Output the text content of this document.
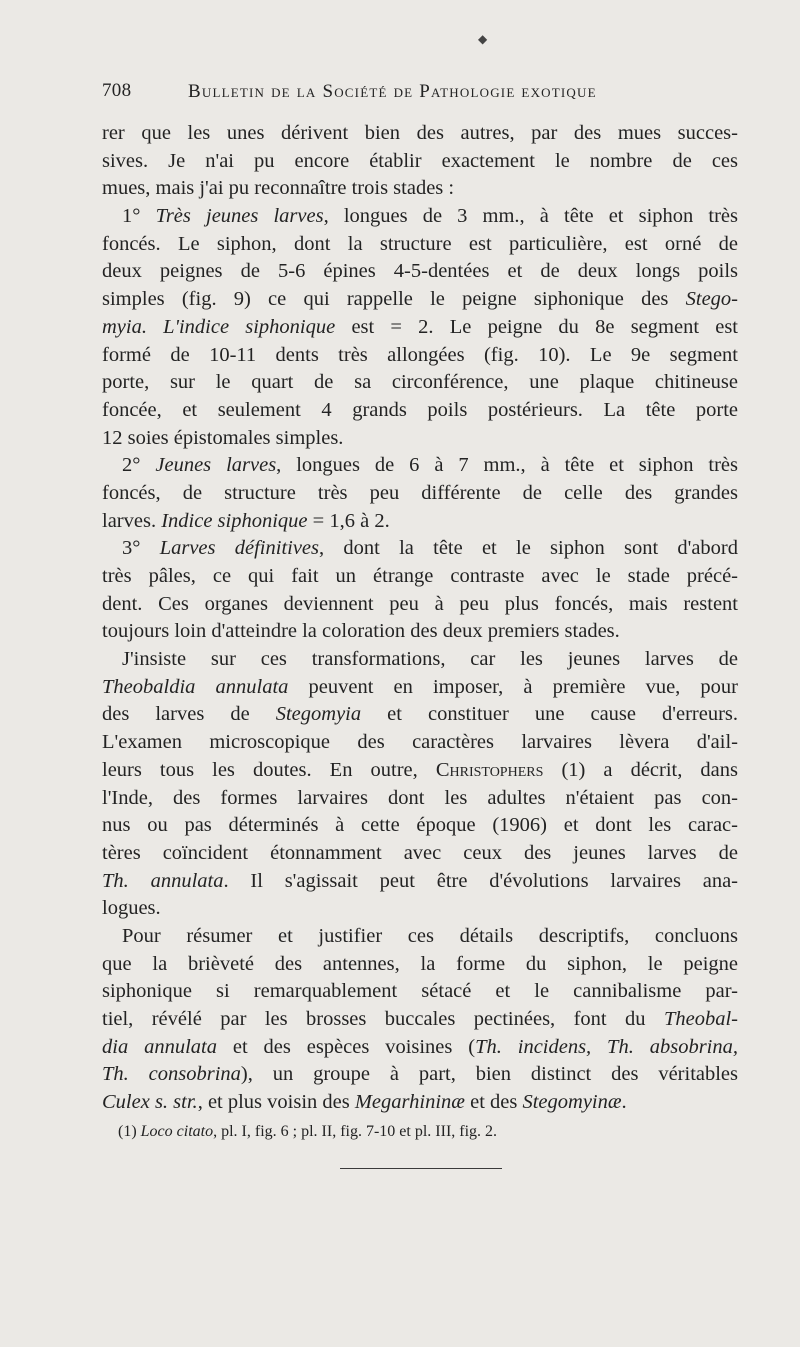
◆
708	Bulletin de la Société de Pathologie exotique
rer que les unes dérivent bien des autres, par des mues succes-
sives. Je n'ai pu encore établir exactement le nombre de ces
mues, mais j'ai pu reconnaître trois stades :
1° Très jeunes larves, longues de 3 mm., à tête et siphon très
foncés. Le siphon, dont la structure est particulière, est orné de
deux peignes de 5-6 épines 4-5-dentées et de deux longs poils
simples (fig. 9) ce qui rappelle le peigne siphonique des Stego-
myia. L'indice siphonique est = 2. Le peigne du 8e segment est
formé de 10-11 dents très allongées (fig. 10). Le 9e segment
porte, sur le quart de sa circonférence, une plaque chitineuse
foncée, et seulement 4 grands poils postérieurs. La tête porte
12 soies épistomales simples.
2° Jeunes larves, longues de 6 à 7 mm., à tête et siphon très
foncés, de structure très peu différente de celle des grandes
larves. Indice siphonique = 1,6 à 2.
3° Larves définitives, dont la tête et le siphon sont d'abord
très pâles, ce qui fait un étrange contraste avec le stade précé-
dent. Ces organes deviennent peu à peu plus foncés, mais restent
toujours loin d'atteindre la coloration des deux premiers stades.
J'insiste sur ces transformations, car les jeunes larves de
Theobaldia annulata peuvent en imposer, à première vue, pour
des larves de Stegomyia et constituer une cause d'erreurs.
L'examen microscopique des caractères larvaires lèvera d'ail-
leurs tous les doutes. En outre, Christophers (1) a décrit, dans
l'Inde, des formes larvaires dont les adultes n'étaient pas con-
nus ou pas déterminés à cette époque (1906) et dont les carac-
tères coïncident étonnamment avec ceux des jeunes larves de
Th. annulata. Il s'agissait peut être d'évolutions larvaires ana-
logues.
Pour résumer et justifier ces détails descriptifs, concluons
que la brièveté des antennes, la forme du siphon, le peigne
siphonique si remarquablement sétacé et le cannibalisme par-
tiel, révélé par les brosses buccales pectinées, font du Theobal-
dia annulata et des espèces voisines (Th. incidens, Th. absobrina,
Th. consobrina), un groupe à part, bien distinct des véritables
Culex s. str., et plus voisin des Megarhininæ et des Stegomyinæ.
(1) Loco citato, pl. I, fig. 6 ; pl. II, fig. 7-10 et pl. III, fig. 2.
